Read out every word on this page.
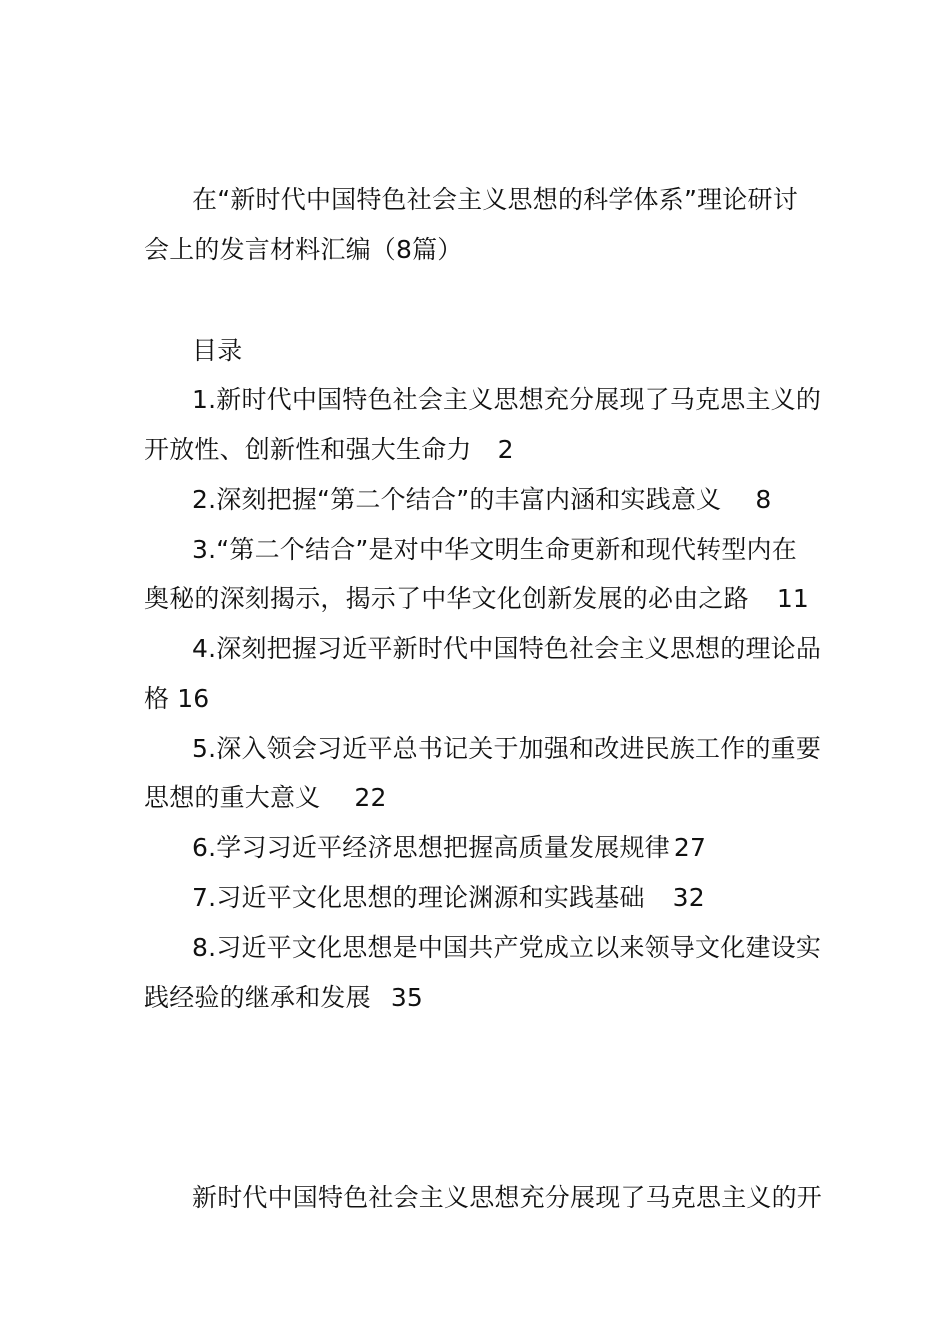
在“新时代中国特色社会主义思想的科学体系”理论研讨
会上的发言材料汇编（8篇）
目录
1.新时代中国特色社会主义思想充分展现了马克思主义的
开放性、创新性和强大生命力 2
2.深刻把握“第二个结合”的丰富内涵和实践意义 8
3.“第二个结合”是对中华文明生命更新和现代转型内在
奥秘的深刻揭示，揭示了中华文化创新发展的必由之路 11
4.深刻把握习近平新时代中国特色社会主义思想的理论品
格 16
5.深入领会习近平总书记关于加强和改进民族工作的重要
思想的重大意义 22
6.学习习近平经济思想把握高质量发展规律 27
7.习近平文化思想的理论渊源和实践基础 32
8.习近平文化思想是中国共产党成立以来领导文化建设实
践经验的继承和发展 35
新时代中国特色社会主义思想充分展现了马克思主义的开
